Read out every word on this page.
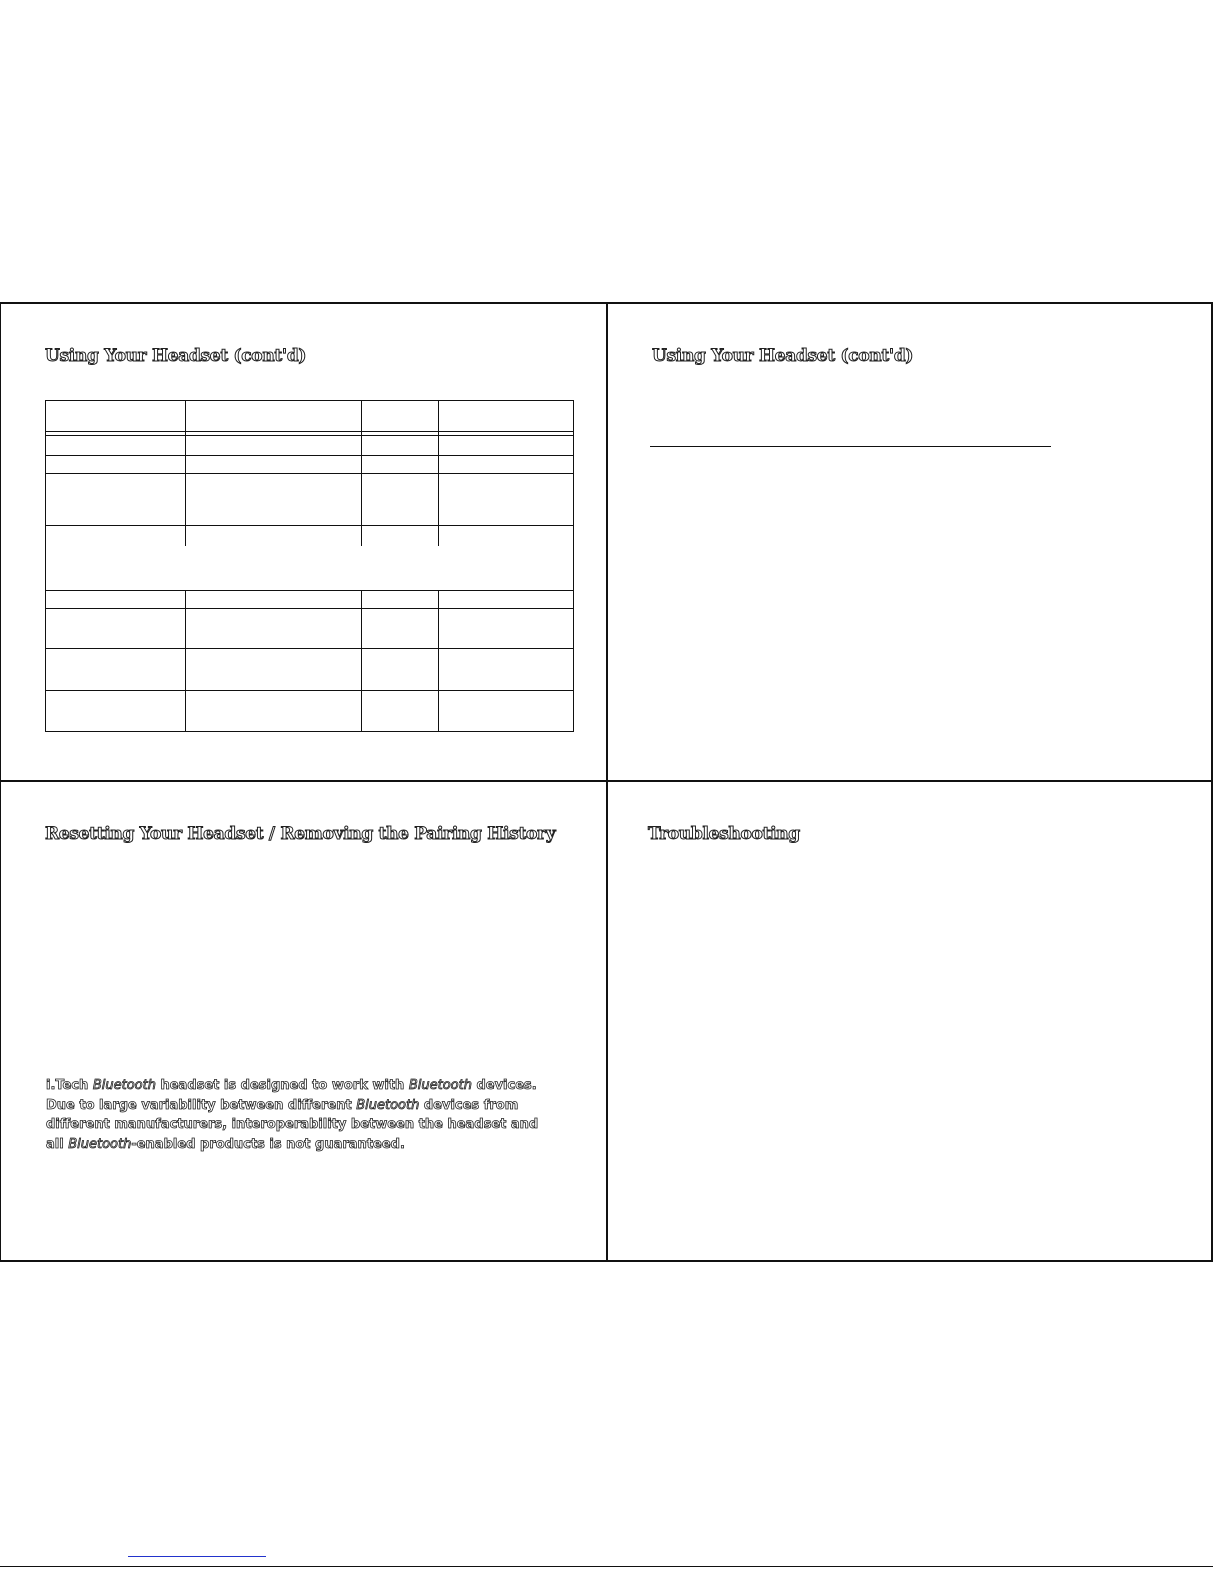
Using Your Headset (cont'd)	Using Your Headset (cont'd)
Resetting Your Headset / Removing the Pairing History
i.Tech Bluetooth headset is designed to work with Bluetooth devices. Due to large variability between different Bluetooth devices from different manufacturers, interoperability between the headset and all Bluetooth-enabled products is not guaranteed.
Troubleshooting
